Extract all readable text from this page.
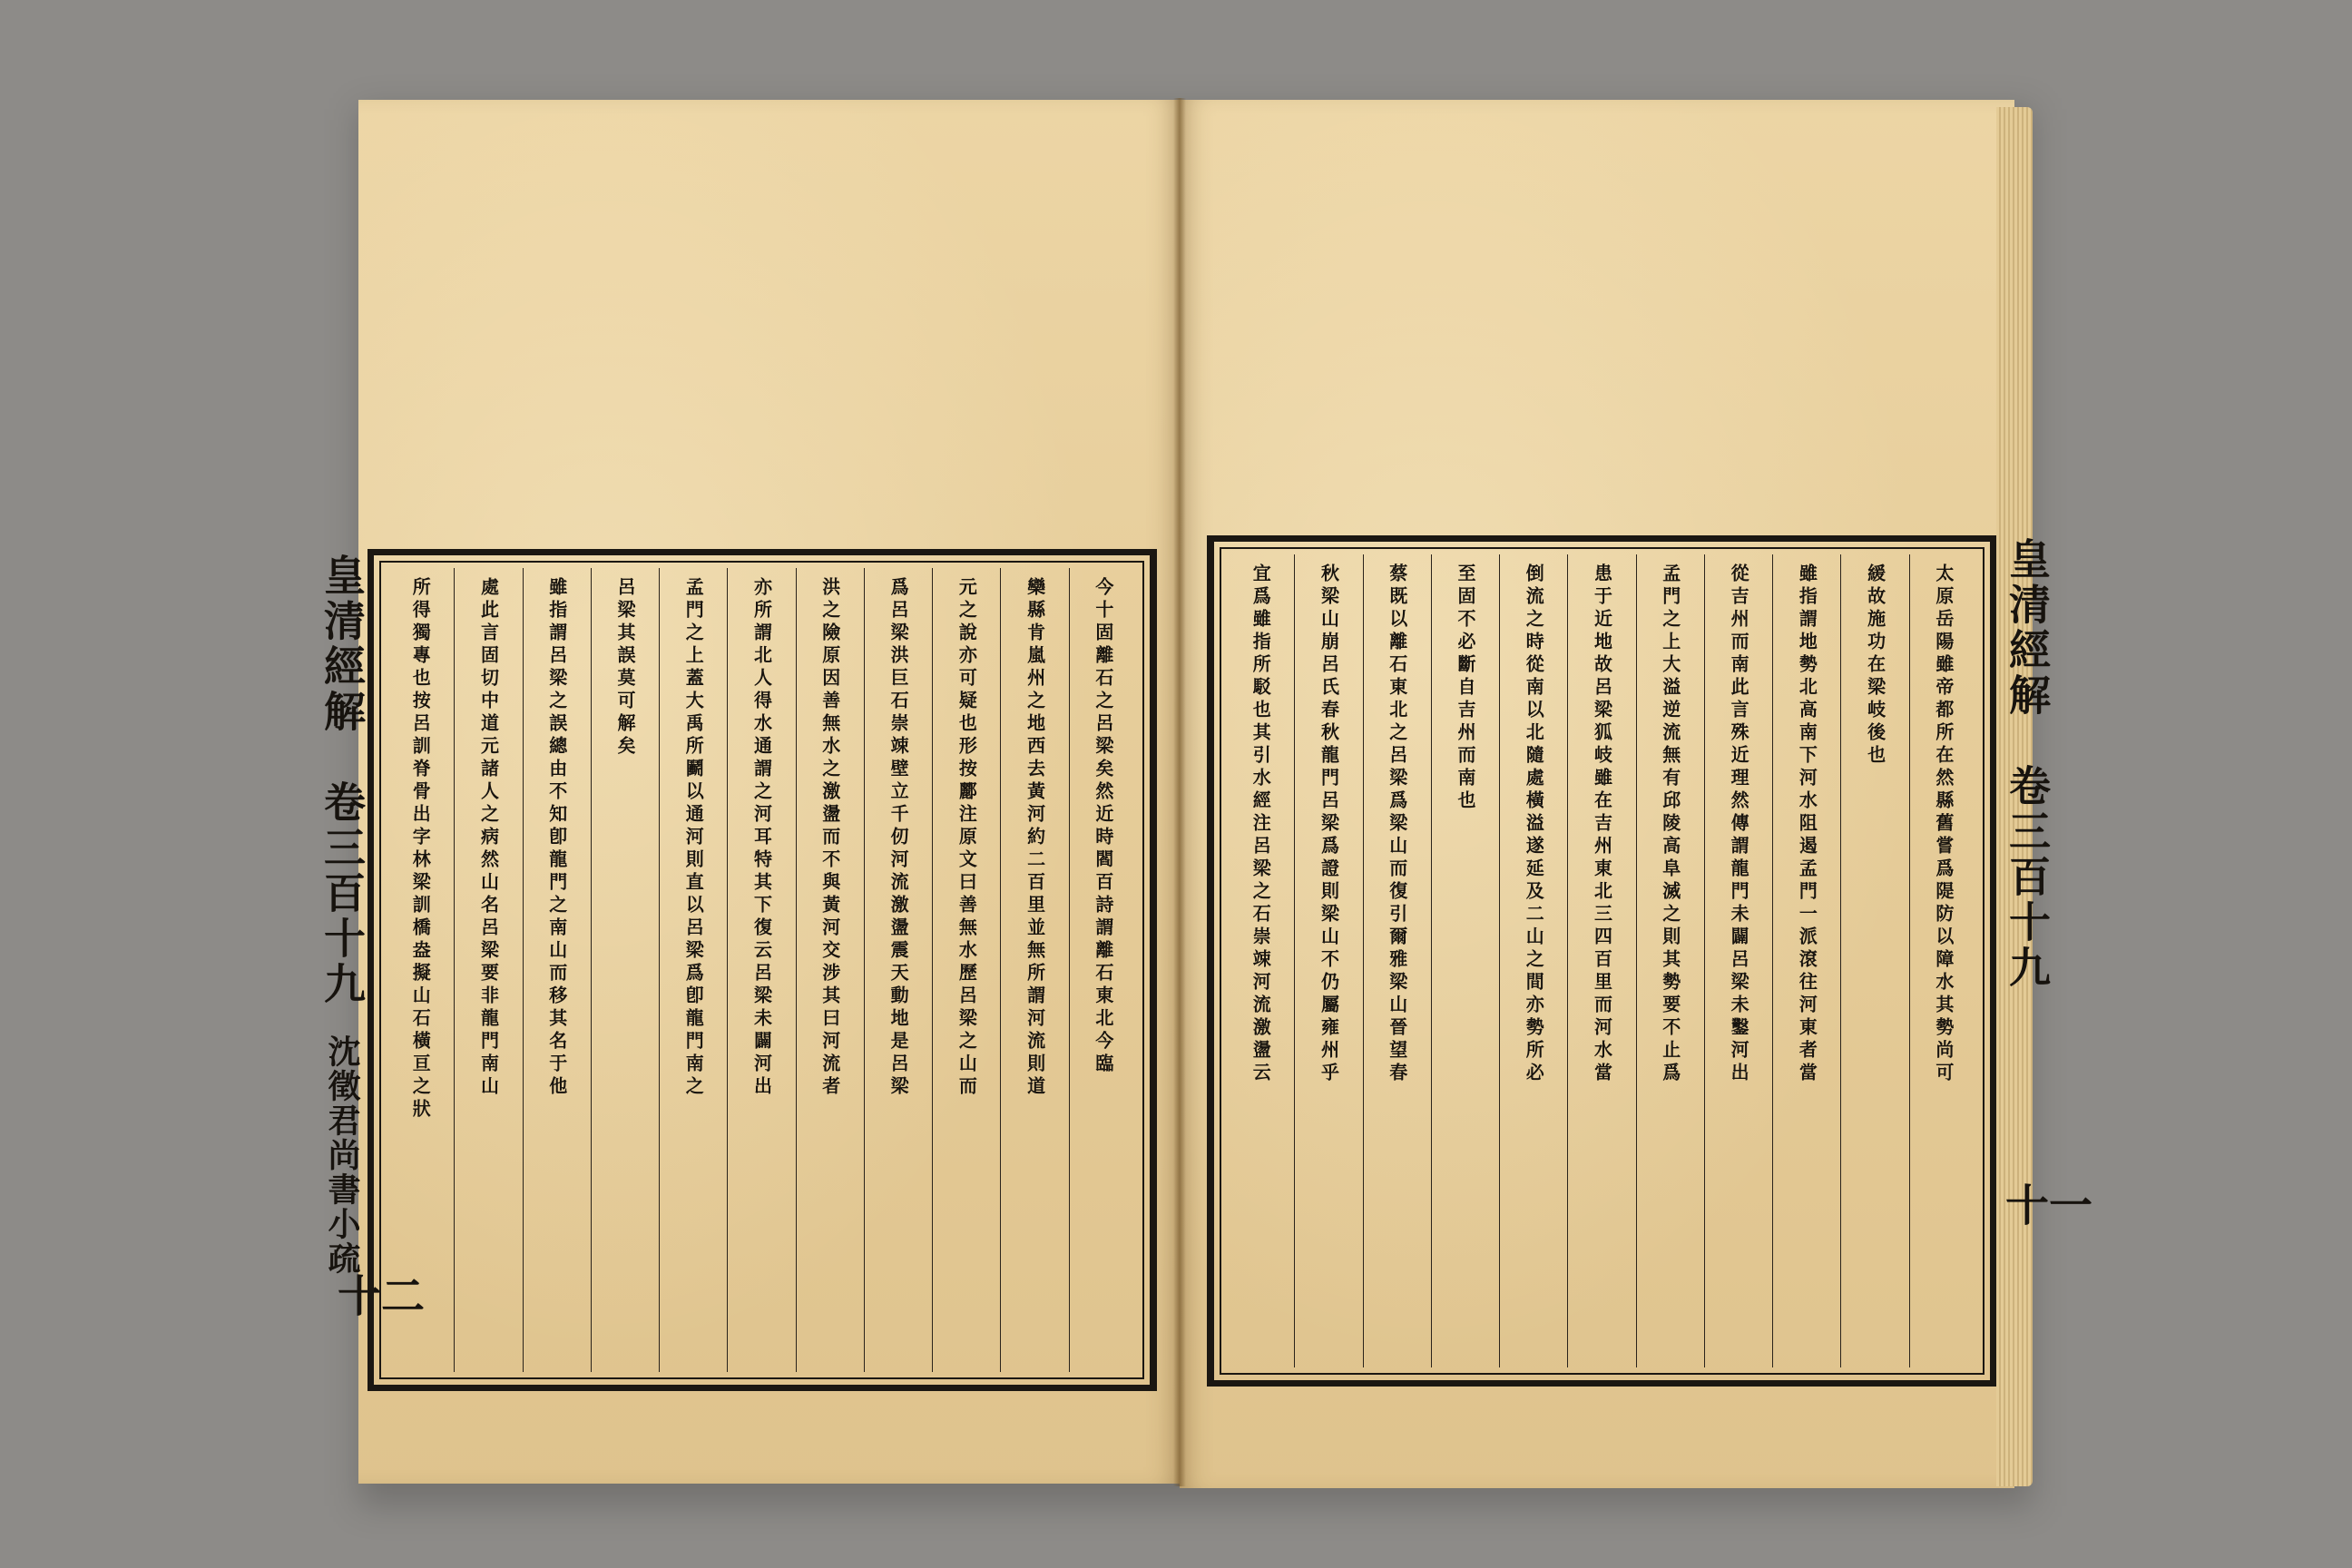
皇清經解 卷三百十九 沈徵君尚書小疏
十二
今十固離石之呂梁矣然近時閻百詩謂離石東北今臨
欒縣肯嵐州之地西去黃河約二百里並無所謂河流則道
元之說亦可疑也形按酈注原文曰善無水歷呂梁之山而
爲呂梁洪巨石崇竦壁立千仞河流激盪震天動地是呂梁
洪之險原因善無水之激盪而不與黃河交涉其曰河流者
亦所謂北人得水通謂之河耳特其下復云呂梁未闢河出
孟門之上蓋大禹所鬬以通河則直以呂梁爲卽龍門南之
呂梁其誤莫可解矣
雖指謂呂梁之誤總由不知卽龍門之南山而移其名于他
處此言固切中道元諸人之病然山名呂梁要非龍門南山
所得獨專也按呂訓脊骨出字林梁訓橋盎擬山石橫亘之狀	太原岳陽雖帝都所在然縣舊嘗爲隄防以障水其勢尚可
緩故施功在梁岐後也
雖指謂地勢北高南下河水阻遏孟門一派滾往河東者當
從吉州而南此言殊近理然傳謂龍門未闢呂梁未鑿河出
孟門之上大溢逆流無有邱陵高阜滅之則其勢要不止爲
患于近地故呂梁狐岐雖在吉州東北三四百里而河水當
倒流之時從南以北隨處橫溢遂延及二山之間亦勢所必
至固不必斷自吉州而南也
蔡既以離石東北之呂梁爲梁山而復引爾雅梁山晉望春
秋梁山崩呂氏春秋龍門呂梁爲證則梁山不仍屬雍州乎
宜爲雖指所駁也其引水經注呂梁之石崇竦河流激盪云	皇清經解 卷三百十九
十一
